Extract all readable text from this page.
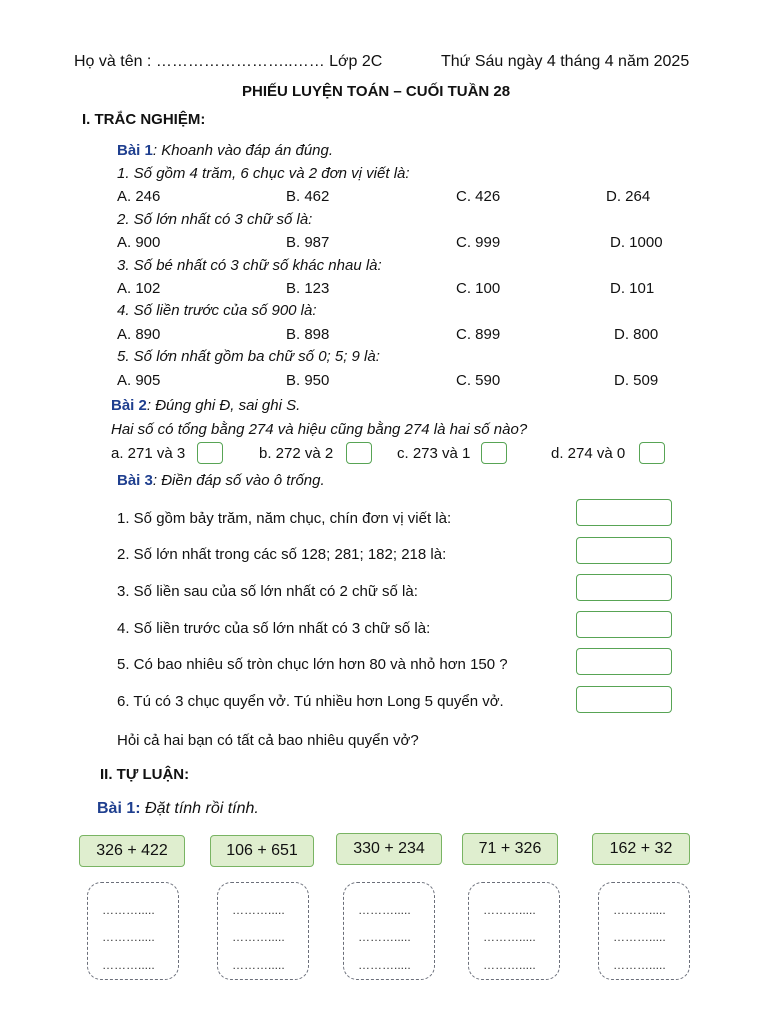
Họ và tên : ……………………..…… Lớp 2C	Thứ Sáu ngày 4 tháng 4 năm 2025
PHIẾU LUYỆN TOÁN – CUỐI TUẦN 28
I. TRẮC NGHIỆM:
Bài 1: Khoanh vào đáp án đúng.
1. Số gồm 4 trăm, 6 chục và 2 đơn vị viết là:
A. 246	B. 462	C. 426	D. 264
2. Số lớn nhất có 3 chữ số là:
A. 900	B. 987	C. 999	D. 1000
3. Số bé nhất có 3 chữ số khác nhau là:
A. 102	B. 123	C. 100	D. 101
4. Số liền trước của số 900 là:
A. 890	B. 898	C. 899	D. 800
5. Số lớn nhất gồm ba chữ số 0; 5; 9 là:
A. 905	B. 950	C. 590	D. 509
Bài 2: Đúng ghi Đ, sai ghi S.
Hai số có tổng bằng 274 và hiệu cũng bằng 274 là hai số nào?
a. 271 và 3	b. 272 và 2	c. 273 và 1	d. 274 và 0
Bài 3: Điền đáp số vào ô trống.
1. Số gồm bảy trăm, năm chục, chín đơn vị viết là:
2. Số lớn nhất trong các số 128; 281; 182; 218 là:
3. Số liền sau của số lớn nhất có 2 chữ số là:
4. Số liền trước của số lớn nhất có 3 chữ số là:
5. Có bao nhiêu số tròn chục lớn hơn 80 và nhỏ hơn 150 ?
6. Tú có 3 chục quyển vở. Tú nhiều hơn Long 5 quyển vở.
Hỏi cả hai bạn có tất cả bao nhiêu quyển vở?
II. TỰ LUẬN:
Bài 1: Đặt tính rồi tính.
326 + 422	106 + 651	330 + 234	71 + 326	162 + 32
……….....
……….....
……….....
……….....
……….....
……….....
……….....
……….....
……….....
……….....
……….....
……….....
……….....
……….....
……….....
